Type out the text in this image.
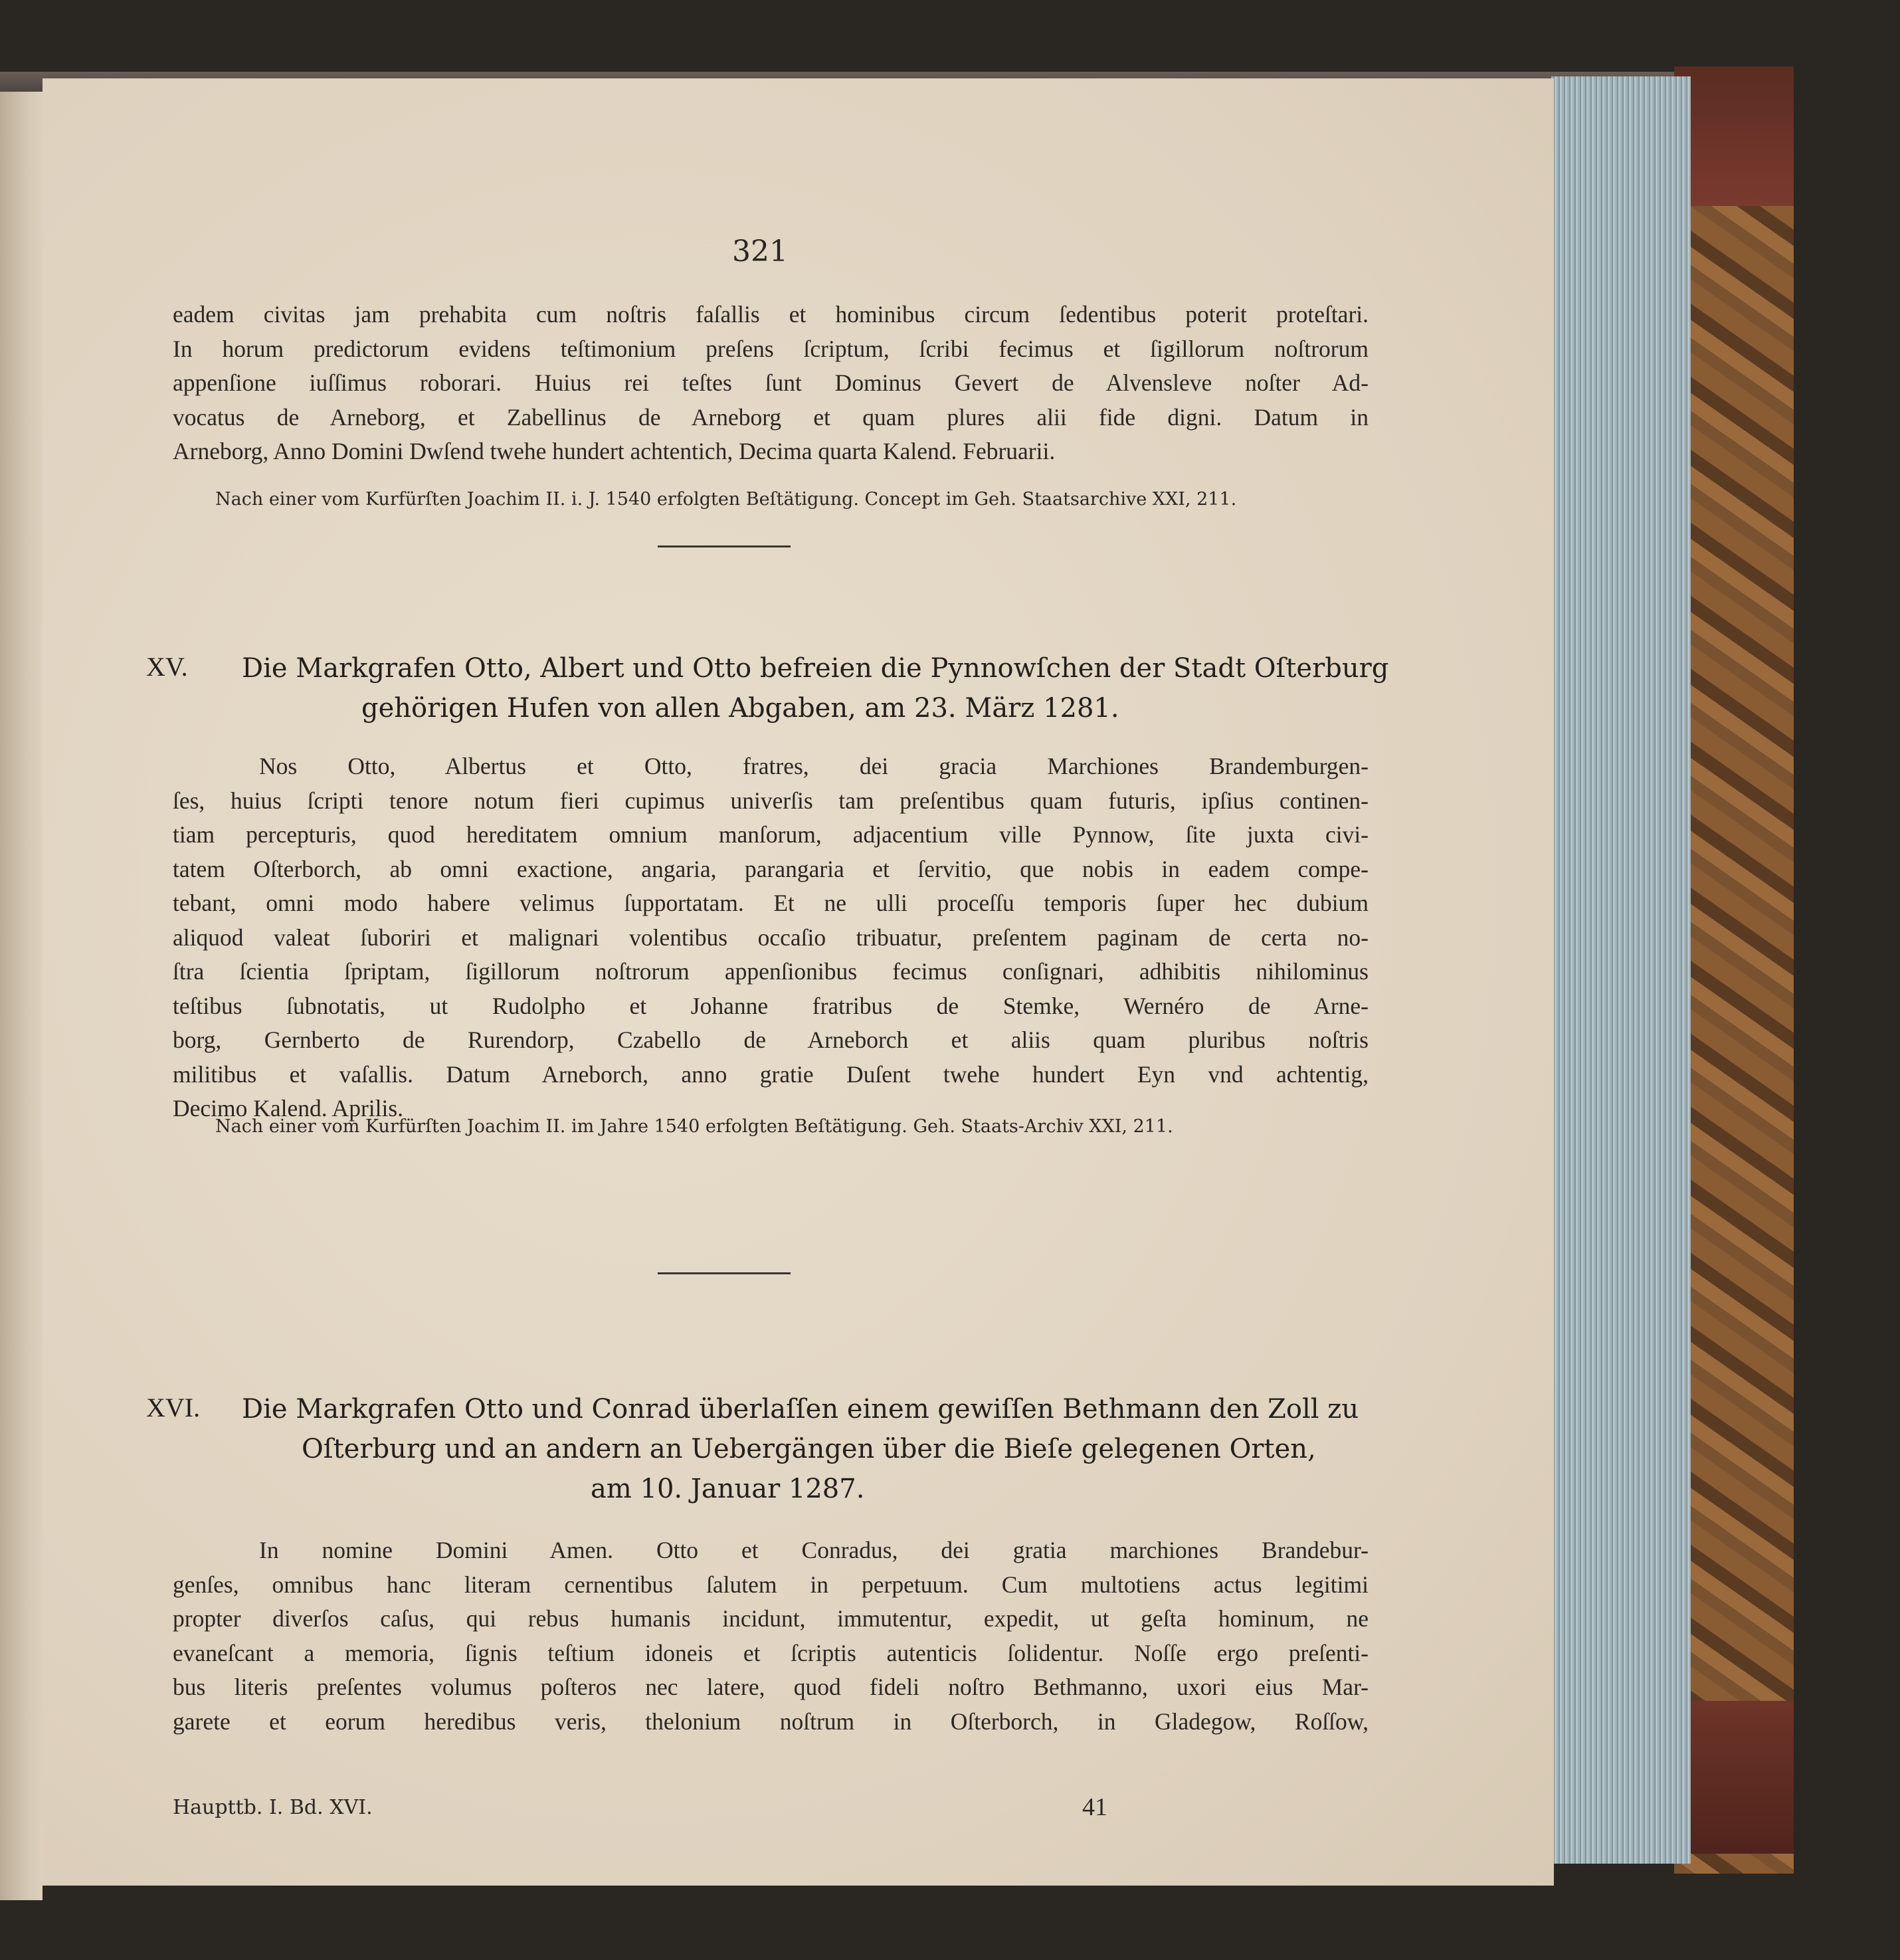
321
eadem civitas jam prehabita cum noſtris faſallis et hominibus circum ſedentibus poterit proteſtari.
In horum predictorum evidens teſtimonium preſens ſcriptum, ſcribi fecimus et ſigillorum noſtrorum
appenſione iuſſimus roborari. Huius rei teſtes ſunt Dominus Gevert de Alvensleve noſter Ad-
vocatus de Arneborg, et Zabellinus de Arneborg et quam plures alii fide digni. Datum in
Arneborg, Anno Domini Dwſend twehe hundert achtentich, Decima quarta Kalend. Februarii.
Nach einer vom Kurfürſten Joachim II. i. J. 1540 erfolgten Beſtätigung. Concept im Geh. Staatsarchive XXI, 211.
XV. Die Markgrafen Otto, Albert und Otto befreien die Pynnowſchen der Stadt Oſterburg
gehörigen Hufen von allen Abgaben, am 23. März 1281.
Nos Otto, Albertus et Otto, fratres, dei gracia Marchiones Brandemburgen-
ſes, huius ſcripti tenore notum fieri cupimus univerſis tam preſentibus quam futuris, ipſius continen-
tiam percepturis, quod hereditatem omnium manſorum, adjacentium ville Pynnow, ſite juxta civi-
tatem Oſterborch, ab omni exactione, angaria, parangaria et ſervitio, que nobis in eadem compe-
tebant, omni modo habere velimus ſupportatam. Et ne ulli proceſſu temporis ſuper hec dubium
aliquod valeat ſuboriri et malignari volentibus occaſio tribuatur, preſentem paginam de certa no-
ſtra ſcientia ſpriptam, ſigillorum noſtrorum appenſionibus fecimus conſignari, adhibitis nihilominus
teſtibus ſubnotatis, ut Rudolpho et Johanne fratribus de Stemke, Wernéro de Arne-
borg, Gernberto de Rurendorp, Czabello de Arneborch et aliis quam pluribus noſtris
militibus et vaſallis. Datum Arneborch, anno gratie Duſent twehe hundert Eyn vnd achtentig,
Decimo Kalend. Aprilis.
Nach einer vom Kurfürſten Joachim II. im Jahre 1540 erfolgten Beſtätigung. Geh. Staats-Archiv XXI, 211.
XVI. Die Markgrafen Otto und Conrad überlaſſen einem gewiſſen Bethmann den Zoll zu
Oſterburg und an andern an Uebergängen über die Bieſe gelegenen Orten,
am 10. Januar 1287.
In nomine Domini Amen. Otto et Conradus, dei gratia marchiones Brandebur-
genſes, omnibus hanc literam cernentibus ſalutem in perpetuum. Cum multotiens actus legitimi
propter diverſos caſus, qui rebus humanis incidunt, immutentur, expedit, ut geſta hominum, ne
evaneſcant a memoria, ſignis teſtium idoneis et ſcriptis autenticis ſolidentur. Noſſe ergo preſenti-
bus literis preſentes volumus poſteros nec latere, quod fideli noſtro Bethmanno, uxori eius Mar-
garete et eorum heredibus veris, thelonium noſtrum in Oſterborch, in Gladegow, Roſſow,
Haupttb. I. Bd. XVI.	41
